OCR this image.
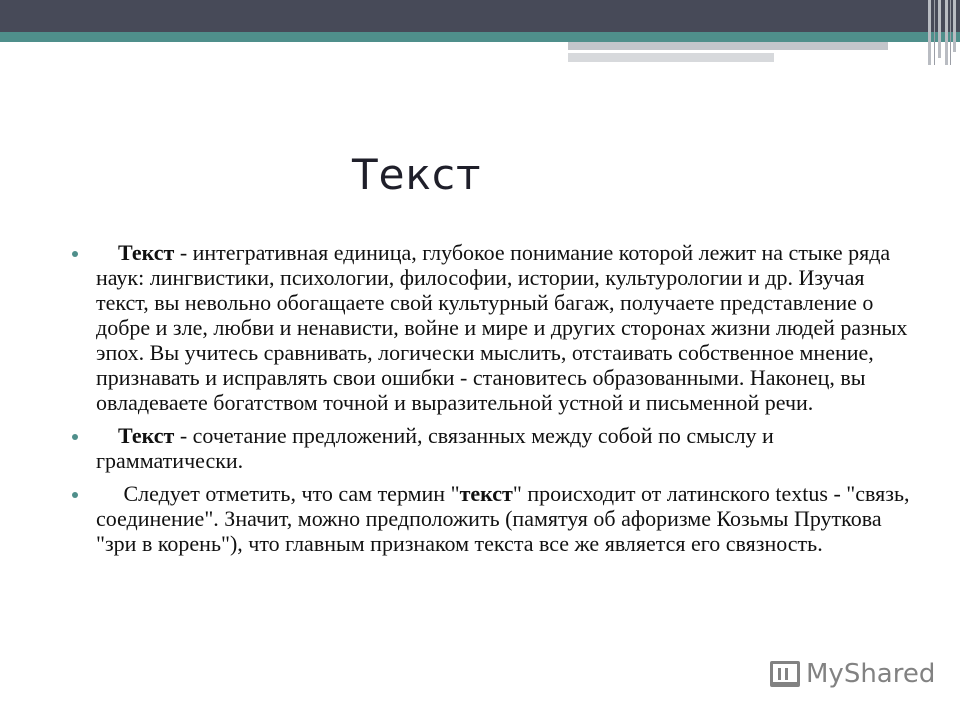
Текст
Текст - интегративная единица, глубокое понимание которой лежит на стыке ряда наук: лингвистики, психологии, философии, истории, культурологии и др. Изучая текст, вы невольно обогащаете свой культурный багаж, получаете представление о добре и зле, любви и ненависти, войне и мире и других сторонах жизни людей разных эпох. Вы учитесь сравнивать, логически мыслить, отстаивать собственное мнение, признавать и исправлять свои ошибки - становитесь образованными. Наконец, вы овладеваете богатством точной и выразительной устной и письменной речи.
Текст - сочетание предложений, связанных между собой по смыслу и грамматически.
Следует отметить, что сам термин "текст" происходит от латинского textus - "связь, соединение". Значит, можно предположить (памятуя об афоризме Козьмы Пруткова "зри в корень"), что главным признаком текста все же является его связность.
MyShared
